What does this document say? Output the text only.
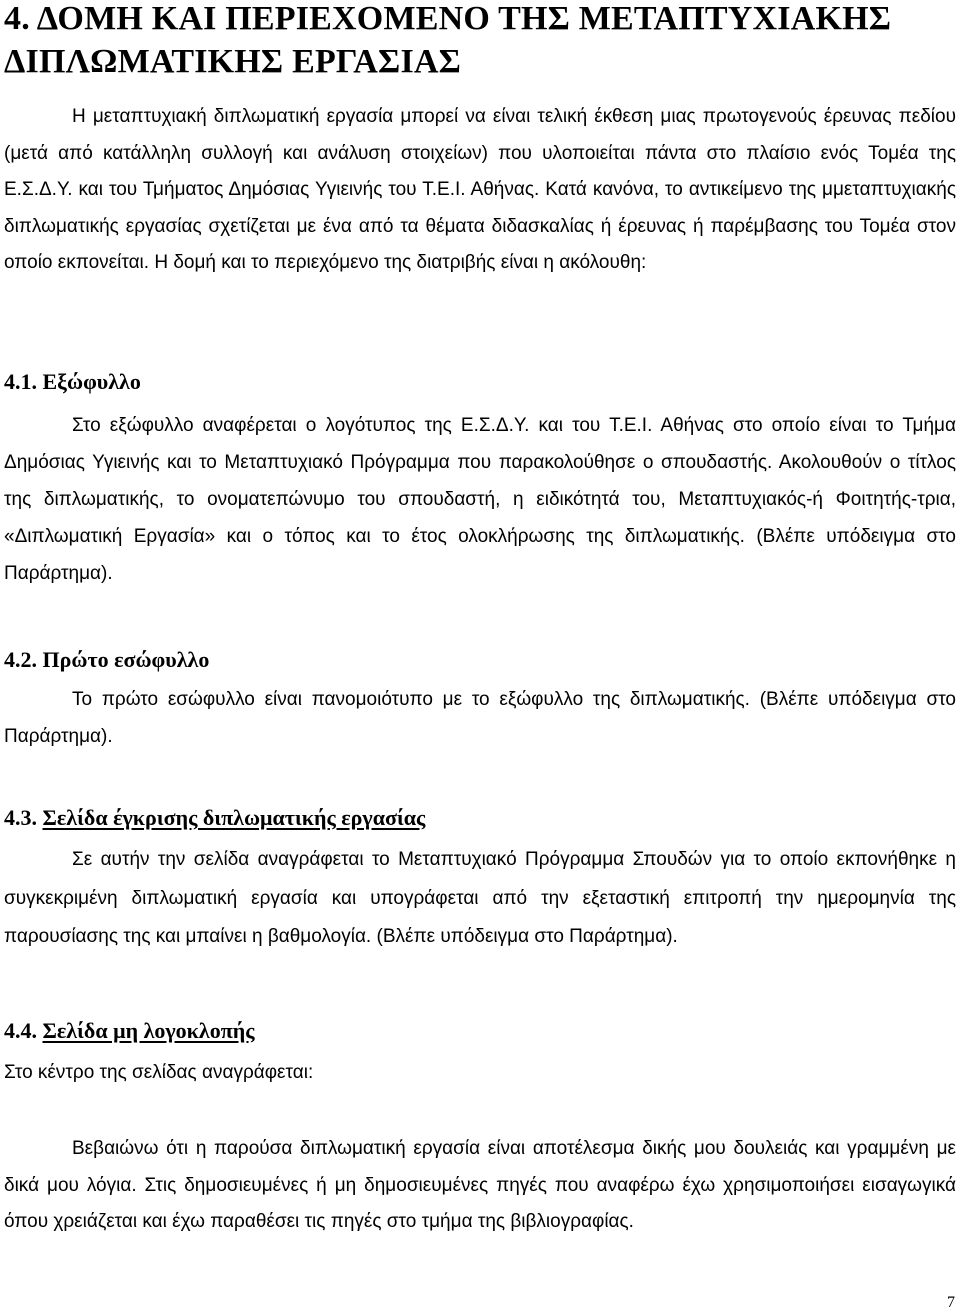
4. ΔΟΜΗ ΚΑΙ ΠΕΡΙΕΧΟΜΕΝΟ ΤΗΣ ΜΕΤΑΠΤΥΧΙΑΚΗΣ ΔΙΠΛΩΜΑΤΙΚΗΣ ΕΡΓΑΣΙΑΣ

Η μεταπτυχιακή διπλωματική εργασία μπορεί να είναι τελική έκθεση μιας πρωτογενούς έρευνας πεδίου (μετά από κατάλληλη συλλογή και ανάλυση στοιχείων) που υλοποιείται πάντα στο πλαίσιο ενός Τομέα της Ε.Σ.Δ.Υ. και του Τμήματος Δημόσιας Υγιεινής του Τ.Ε.Ι. Αθήνας. Κατά κανόνα, το αντικείμενο της μμεταπτυχιακής διπλωματικής εργασίας σχετίζεται με ένα από τα θέματα διδασκαλίας ή έρευνας ή παρέμβασης του Τομέα στον οποίο εκπονείται. Η δομή και το περιεχόμενο της διατριβής είναι η ακόλουθη:

4.1. Εξώφυλλο

Στο εξώφυλλο αναφέρεται ο λογότυπος της Ε.Σ.Δ.Υ. και του Τ.Ε.Ι. Αθήνας στο οποίο είναι το Τμήμα Δημόσιας Υγιεινής και το Μεταπτυχιακό Πρόγραμμα που παρακολούθησε ο σπουδαστής. Ακολουθούν ο τίτλος της διπλωματικής, το ονοματεπώνυμο του σπουδαστή, η ειδικότητά του, Μεταπτυχιακός-ή Φοιτητής-τρια, «Διπλωματική Εργασία» και ο τόπος και το έτος ολοκλήρωσης της διπλωματικής. (Βλέπε υπόδειγμα στο Παράρτημα).

4.2. Πρώτο εσώφυλλο

Το πρώτο εσώφυλλο είναι πανομοιότυπο με το εξώφυλλο της διπλωματικής. (Βλέπε υπόδειγμα στο Παράρτημα).

4.3. Σελίδα έγκρισης διπλωματικής εργασίας

Σε αυτήν την σελίδα αναγράφεται το Μεταπτυχιακό Πρόγραμμα Σπουδών για το οποίο εκπονήθηκε η συγκεκριμένη διπλωματική εργασία και υπογράφεται από την εξεταστική επιτροπή την ημερομηνία της παρουσίασης της και μπαίνει η βαθμολογία. (Βλέπε υπόδειγμα στο Παράρτημα).

4.4. Σελίδα μη λογοκλοπής

Στο κέντρο της σελίδας αναγράφεται:

Βεβαιώνω ότι η παρούσα διπλωματική εργασία είναι αποτέλεσμα δικής μου δουλειάς και γραμμένη με δικά μου λόγια. Στις δημοσιευμένες ή μη δημοσιευμένες πηγές που αναφέρω έχω χρησιμοποιήσει εισαγωγικά όπου χρειάζεται και έχω παραθέσει τις πηγές στο τμήμα της βιβλιογραφίας.

7
